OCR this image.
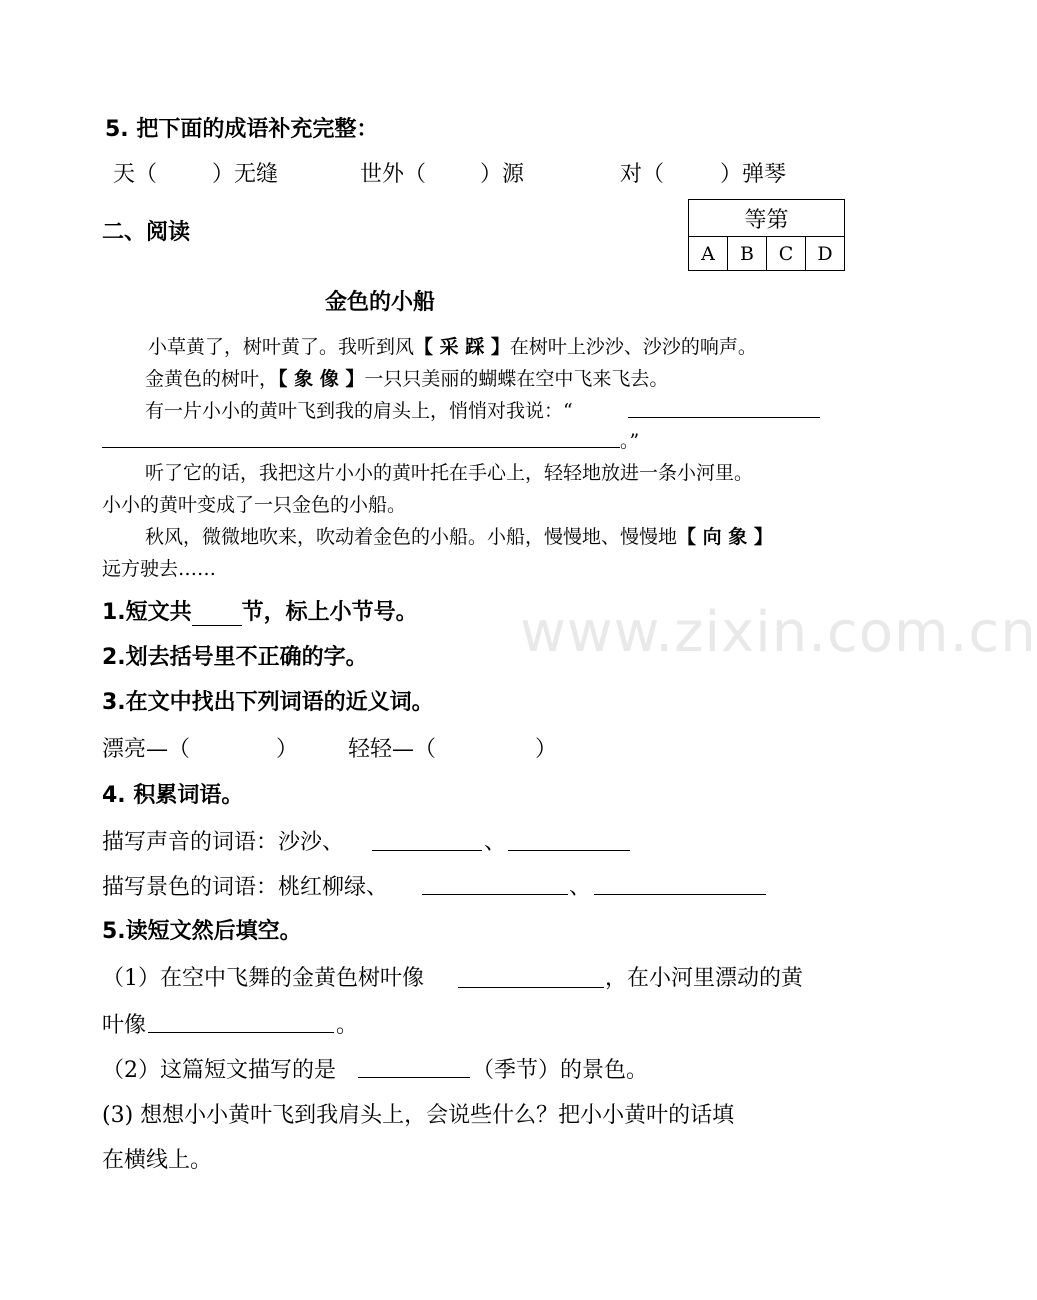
www.zixin.com.cn
5. 把下面的成语补充完整：
天（ ）无缝	世外（ ）源	对（	）弹琴
二、阅读	等第
A	B	C	D
金色的小船
小草黄了，树叶黄了。我听到风【 采 踩 】在树叶上沙沙、沙沙的响声。
金黄色的树叶，【 象 像 】一只只美丽的蝴蝶在空中飞来飞去。
有一片小小的黄叶飞到我的肩头上，悄悄对我说：“
。”
听了它的话，我把这片小小的黄叶托在手心上，轻轻地放进一条小河里。
小小的黄叶变成了一只金色的小船。
秋风，微微地吹来，吹动着金色的小船。小船，慢慢地、慢慢地【 向 象 】
远方驶去……
1.短文共 节，标上小节号。
2.划去括号里不正确的字。
3.在文中找出下列词语的近义词。
漂亮—（	） 轻轻—（	）
4. 积累词语。
描写声音的词语：沙沙、	、
描写景色的词语：桃红柳绿、	、
5.读短文然后填空。
（1）在空中飞舞的金黄色树叶像	，在小河里漂动的黄
叶像	。
（2）这篇短文描写的是	（季节）的景色。
(3) 想想小小黄叶飞到我肩头上，会说些什么？把小小黄叶的话填
在横线上。
